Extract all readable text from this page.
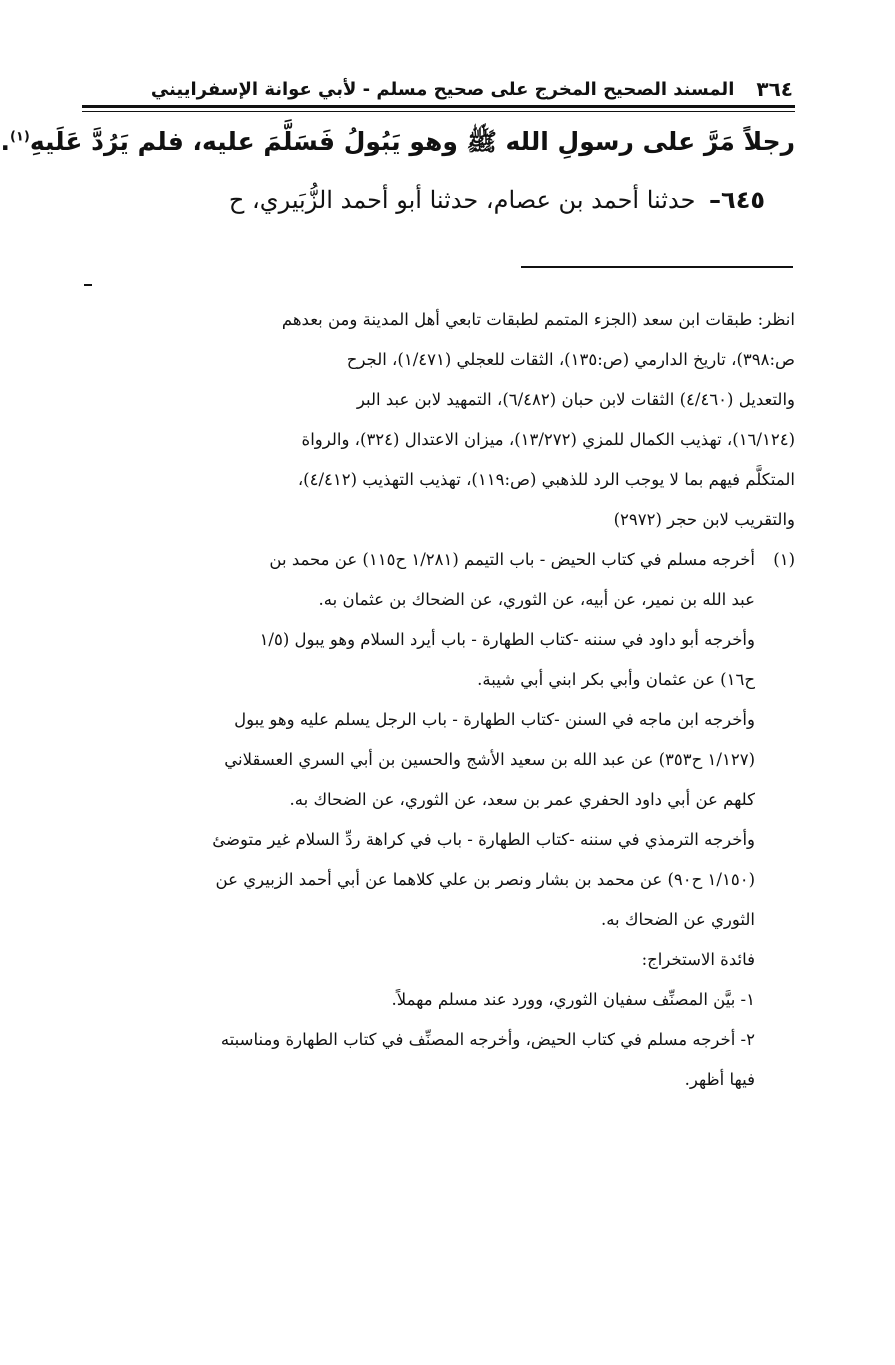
٣٦٤
المسند الصحيح المخرج على صحيح مسلم - لأبي عوانة الإسفراييني
رجلاً مَرَّ على رسولِ الله ﷺ وهو يَبُولُ فَسَلَّمَ عليه، فلم يَرُدَّ عَلَيهِ$^{(١)}$.
٦٤٥– حدثنا أحمد بن عصام، حدثنا أبو أحمد الزُّبَيري، ح
انظر: طبقات ابن سعد (الجزء المتمم لطبقات تابعي أهل المدينة ومن بعدهم
ص:٣٩٨)، تاريخ الدارمي (ص:١٣٥)، الثقات للعجلي (١/٤٧١)، الجرح
والتعديل (٤/٤٦٠) الثقات لابن حبان (٦/٤٨٢)، التمهيد لابن عبد البر
(١٦/١٢٤)، تهذيب الكمال للمزي (١٣/٢٧٢)، ميزان الاعتدال (٣٢٤)، والرواة
المتكلَّم فيهم بما لا يوجب الرد للذهبي (ص:١١٩)، تهذيب التهذيب (٤/٤١٢)،
والتقريب لابن حجر (٢٩٧٢)
(١)أخرجه مسلم في كتاب الحيض - باب التيمم (١/٢٨١ ح١١٥) عن محمد بن
عبد الله بن نمير، عن أبيه، عن الثوري، عن الضحاك بن عثمان به.
وأخرجه أبو داود في سننه -كتاب الطهارة - باب أيرد السلام وهو يبول (١/٥
ح١٦) عن عثمان وأبي بكر ابني أبي شيبة.
وأخرجه ابن ماجه في السنن -كتاب الطهارة - باب الرجل يسلم عليه وهو يبول
(١/١٢٧ ح٣٥٣) عن عبد الله بن سعيد الأشج والحسين بن أبي السري العسقلاني
كلهم عن أبي داود الحفري عمر بن سعد، عن الثوري، عن الضحاك به.
وأخرجه الترمذي في سننه -كتاب الطهارة - باب في كراهة ردِّ السلام غير متوضئ
(١/١٥٠ ح٩٠) عن محمد بن بشار ونصر بن علي كلاهما عن أبي أحمد الزبيري عن
الثوري عن الضحاك به.
فائدة الاستخراج:
١- بيَّن المصنِّف سفيان الثوري، وورد عند مسلم مهملاً.
٢- أخرجه مسلم في كتاب الحيض، وأخرجه المصنِّف في كتاب الطهارة ومناسبته
فيها أظهر.
